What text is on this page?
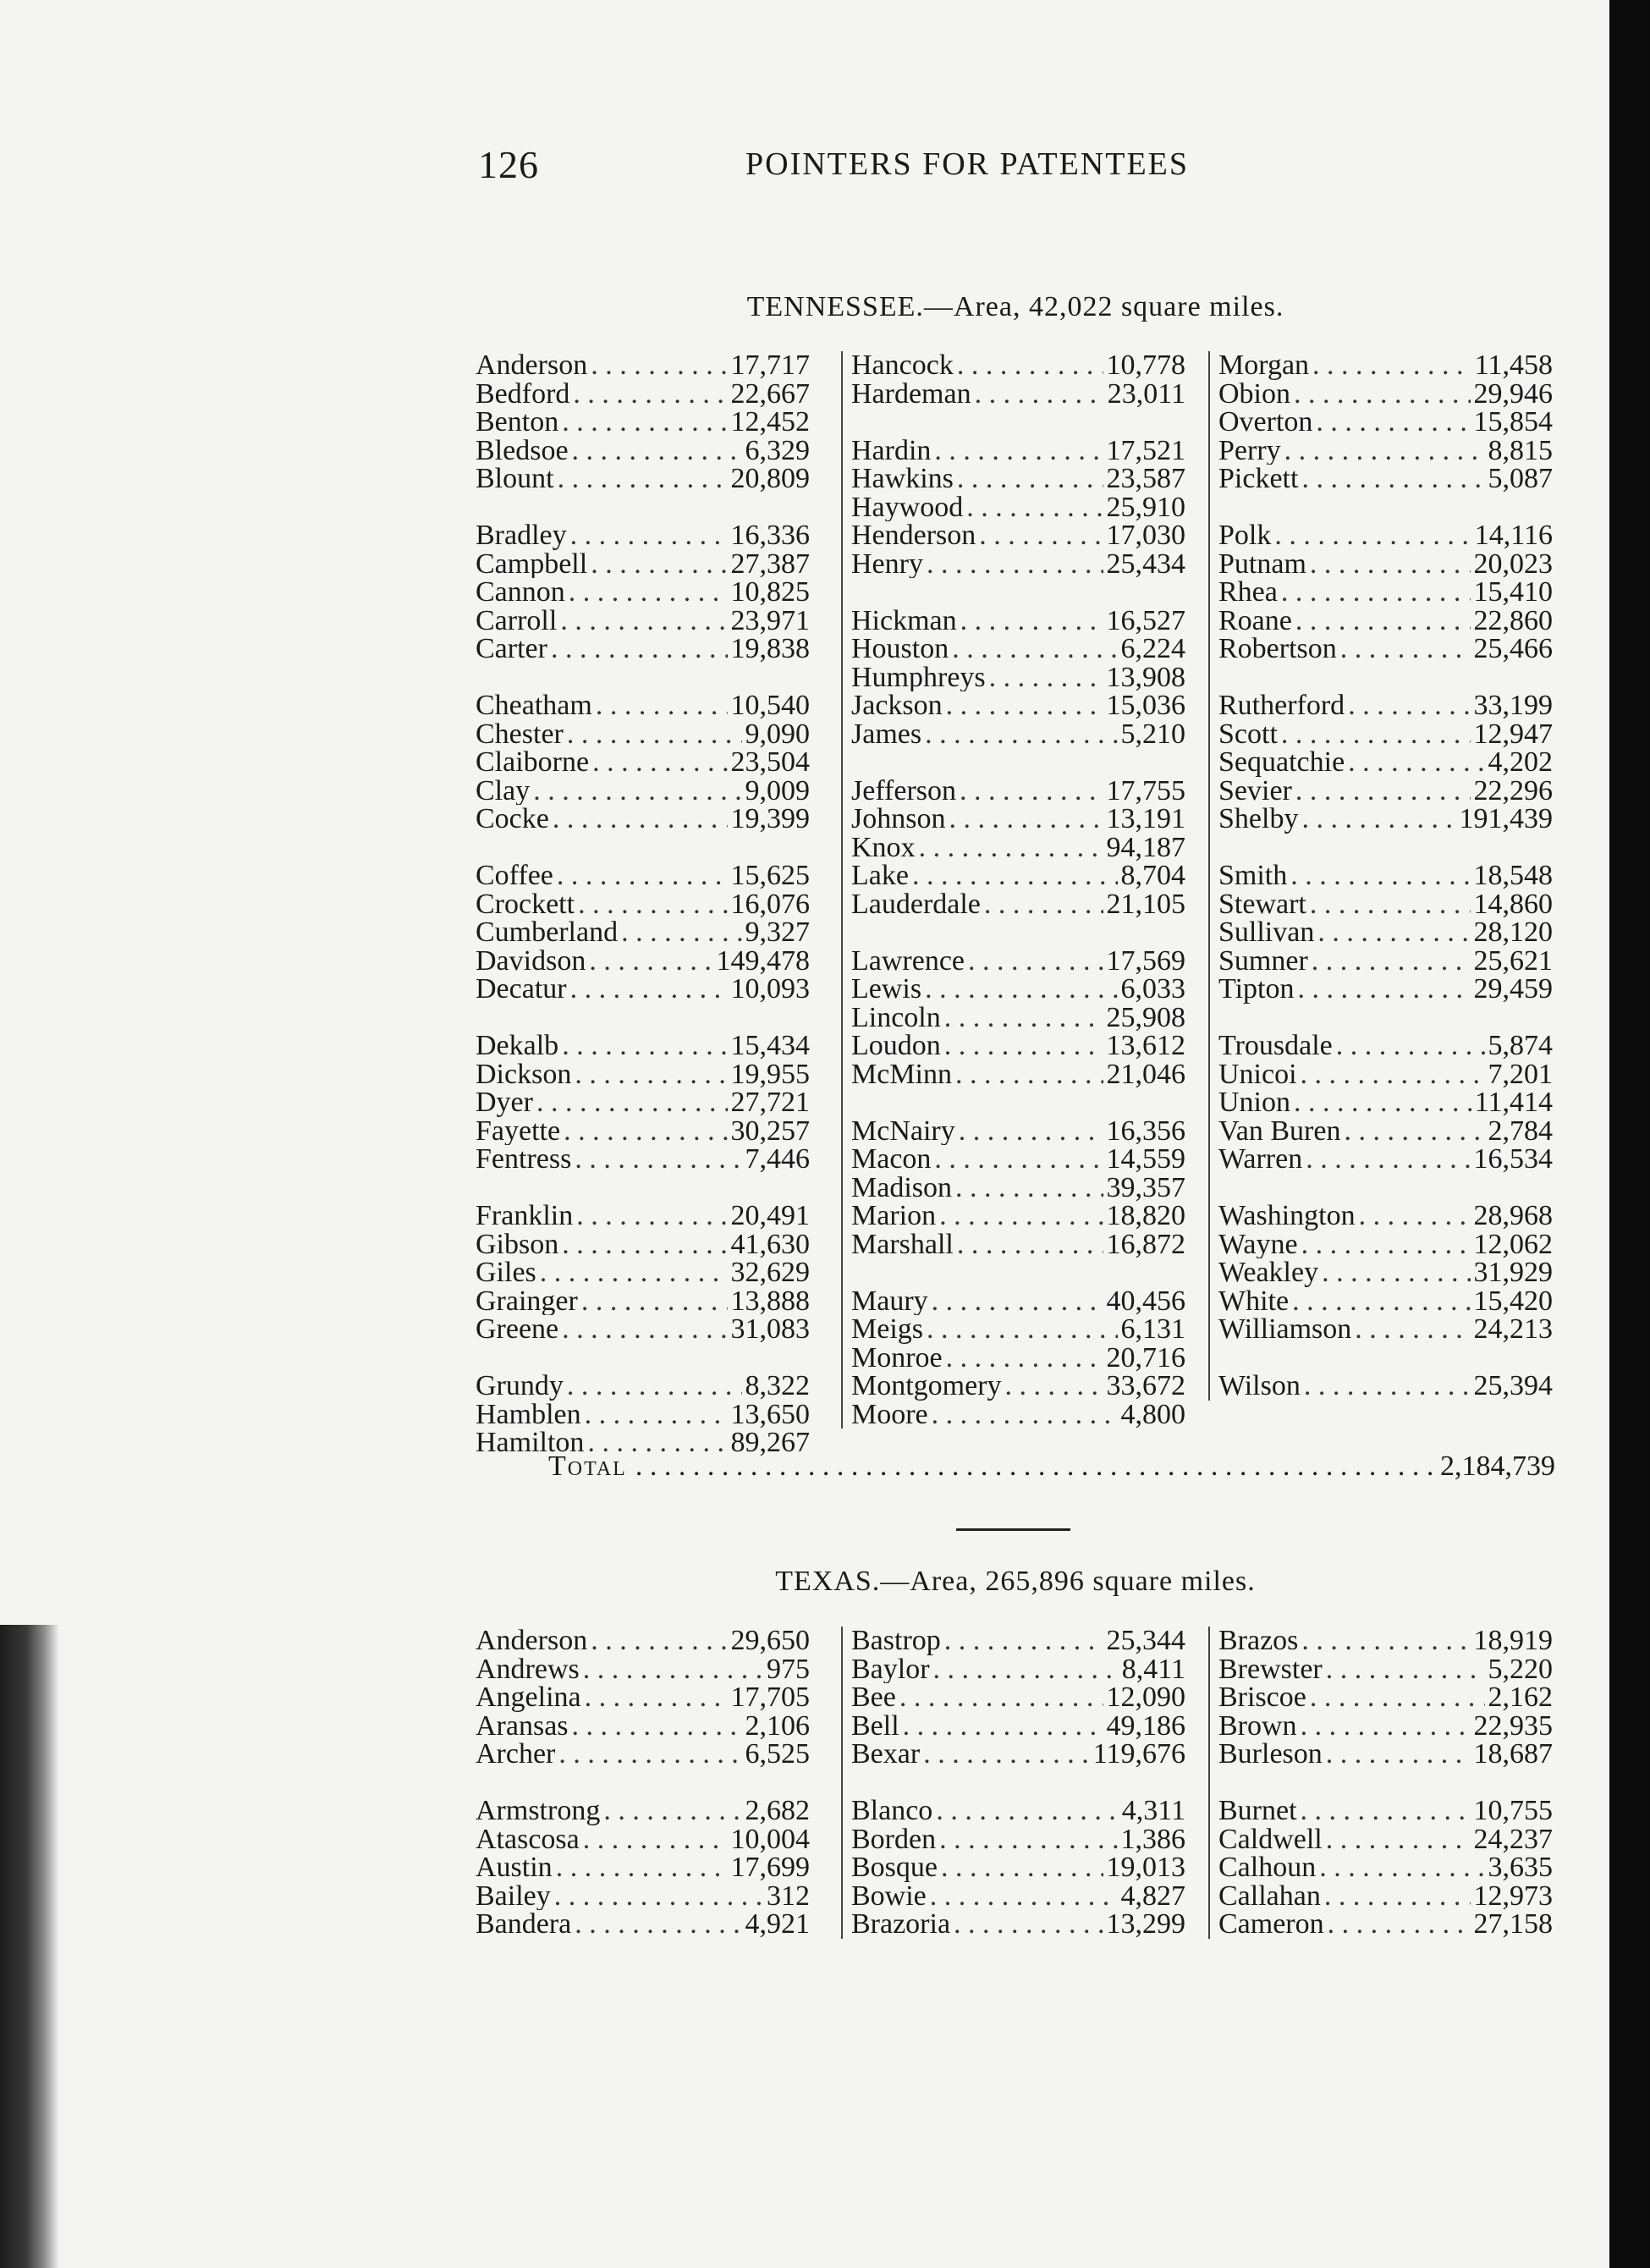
126	POINTERS FOR PATENTEES
TENNESSEE.—Area, 42,022 square miles.
Anderson . . .	17,717
Bedford . . .	22,667
Benton . . .	12,452
Bledsoe . . .	6,329
Blount . . .	20,809
Bradley . . .	16,336
Campbell . . .	27,387
Cannon . . .	10,825
Carroll . . .	23,971
Carter . . .	19,838
Cheatham . . .	10,540
Chester . . .	9,090
Claiborne . . .	23,504
Clay . . .	9,009
Cocke . . .	19,399
Coffee . . .	15,625
Crockett . . .	16,076
Cumberland . . .	9,327
Davidson . . .	149,478
Decatur . . .	10,093
Dekalb . . .	15,434
Dickson . . .	19,955
Dyer . . .	27,721
Fayette . . .	30,257
Fentress . . .	7,446
Franklin . . .	20,491
Gibson . . .	41,630
Giles . . .	32,629
Grainger . . .	13,888
Greene . . .	31,083
Grundy . . .	8,322
Hamblen . . .	13,650
Hamilton . . .	89,267
Hancock . . .	10,778
Hardeman . . .	23,011
Hardin . . .	17,521
Hawkins . . .	23,587
Haywood . . .	25,910
Henderson . . .	17,030
Henry . . .	25,434
Hickman . . .	16,527
Houston . . .	6,224
Humphreys . . .	13,908
Jackson . . .	15,036
James . . .	5,210
Jefferson . . .	17,755
Johnson . . .	13,191
Knox . . .	94,187
Lake . . .	8,704
Lauderdale . . .	21,105
Lawrence . . .	17,569
Lewis . . .	6,033
Lincoln . . .	25,908
Loudon . . .	13,612
McMinn . . .	21,046
McNairy . . .	16,356
Macon . . .	14,559
Madison . . .	39,357
Marion . . .	18,820
Marshall . . .	16,872
Maury . . .	40,456
Meigs . . .	6,131
Monroe . . .	20,716
Montgomery . . .	33,672
Moore . . .	4,800
Morgan . . .	11,458
Obion . . .	29,946
Overton . . .	15,854
Perry . . .	8,815
Pickett . . .	5,087
Polk . . .	14,116
Putnam . . .	20,023
Rhea . . .	15,410
Roane . . .	22,860
Robertson . . .	25,466
Rutherford . . .	33,199
Scott . . .	12,947
Sequatchie . . .	4,202
Sevier . . .	22,296
Shelby . . .	191,439
Smith . . .	18,548
Stewart . . .	14,860
Sullivan . . .	28,120
Sumner . . .	25,621
Tipton . . .	29,459
Trousdale . . .	5,874
Unicoi . . .	7,201
Union . . .	11,414
Van Buren . . .	2,784
Warren . . .	16,534
Washington . . .	28,968
Wayne . . .	12,062
Weakley . . .	31,929
White . . .	15,420
Williamson . . .	24,213
Wilson . . .	25,394
Total . . .	2,184,739
TEXAS.—Area, 265,896 square miles.
Anderson . . .	29,650
Andrews . . .	975
Angelina . . .	17,705
Aransas . . .	2,106
Archer . . .	6,525
Armstrong . . .	2,682
Atascosa . . .	10,004
Austin . . .	17,699
Bailey . . .	312
Bandera . . .	4,921
Bastrop . . .	25,344
Baylor . . .	8,411
Bee . . .	12,090
Bell . . .	49,186
Bexar . . .	119,676
Blanco . . .	4,311
Borden . . .	1,386
Bosque . . .	19,013
Bowie . . .	4,827
Brazoria . . .	13,299
Brazos . . .	18,919
Brewster . . .	5,220
Briscoe . . .	2,162
Brown . . .	22,935
Burleson . . .	18,687
Burnet . . .	10,755
Caldwell . . .	24,237
Calhoun . . .	3,635
Callahan . . .	12,973
Cameron . . .	27,158
